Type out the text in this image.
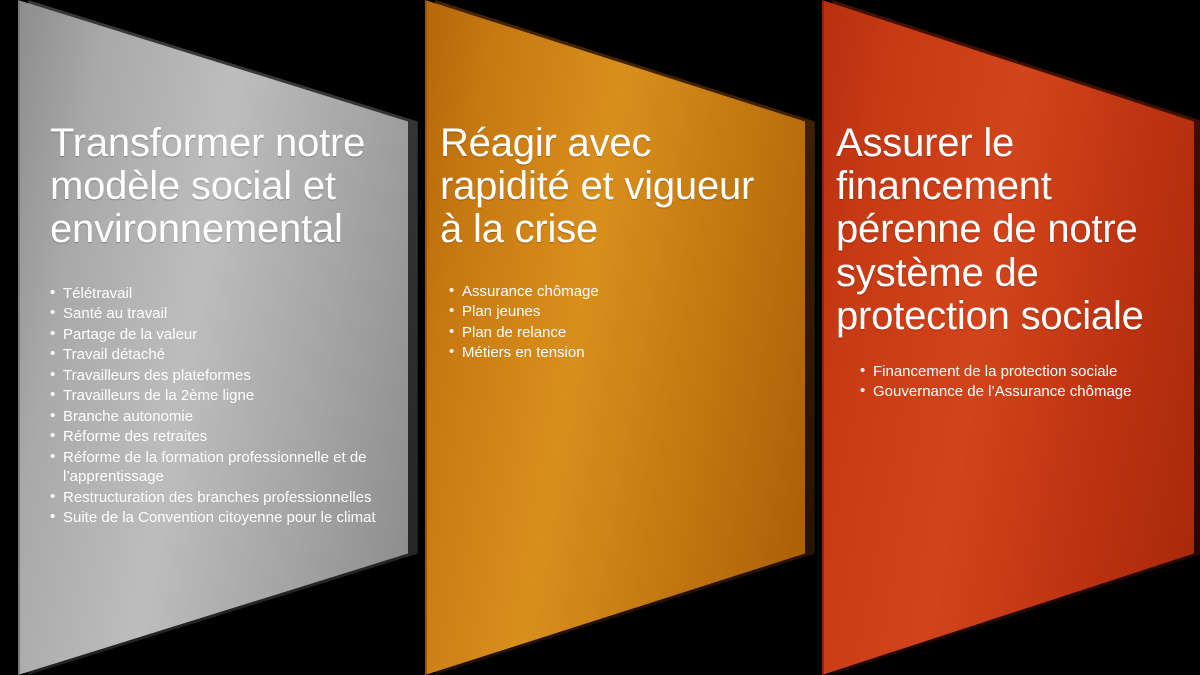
Transformer notre modèle social et environnemental
• Télétravail
• Santé au travail
• Partage de la valeur
• Travail détaché
• Travailleurs des plateformes
• Travailleurs de la 2ème ligne
• Branche autonomie
• Réforme des retraites
• Réforme de la formation professionnelle et de l’apprentissage
• Restructuration des branches professionnelles
• Suite de la Convention citoyenne pour le climat
Réagir avec rapidité et vigueur à la crise
• Assurance chômage
• Plan jeunes
• Plan de relance
• Métiers en tension
Assurer le financement pérenne de notre système de protection sociale
• Financement de la protection sociale
• Gouvernance de l’Assurance chômage
